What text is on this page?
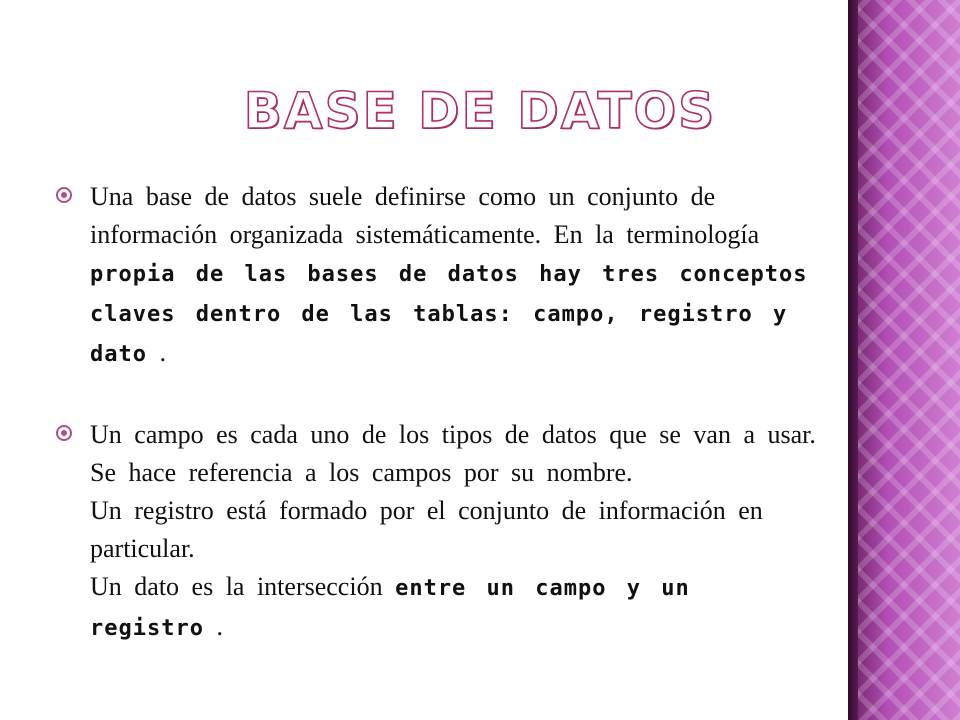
BASE DE DATOS

Una base de datos suele definirse como un conjunto de información organizada sistemáticamente. En la terminología propia de las bases de datos hay tres conceptos claves dentro de las tablas: campo, registro y dato .

Un campo es cada uno de los tipos de datos que se van a usar. Se hace referencia a los campos por su nombre.
Un registro está formado por el conjunto de información en particular.
Un dato es la intersección entre un campo y un registro .
